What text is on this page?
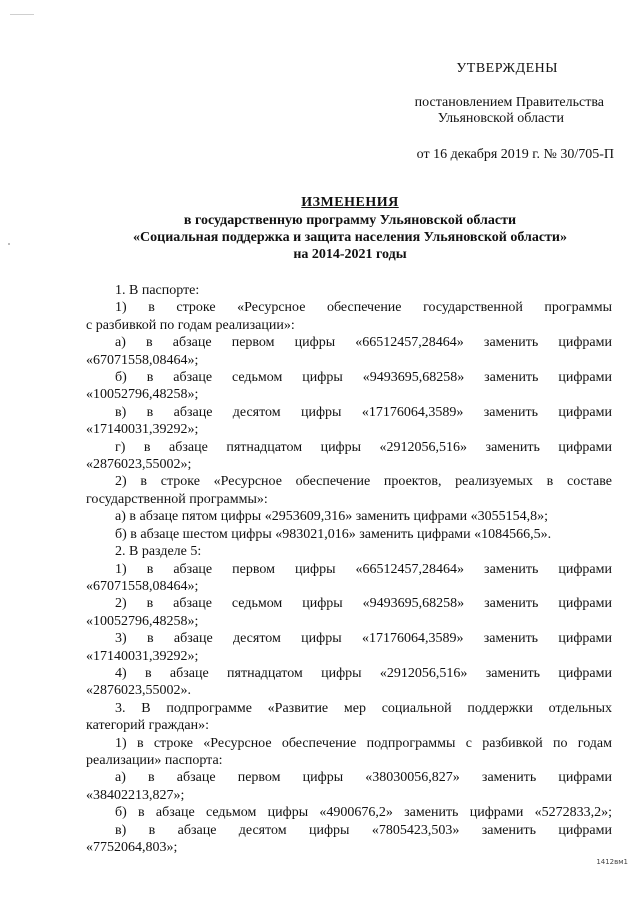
УТВЕРЖДЕНЫ
постановлением Правительства
Ульяновской области
от 16 декабря 2019 г. № 30/705-П
ИЗМЕНЕНИЯ
в государственную программу Ульяновской области
«Социальная поддержка и защита населения Ульяновской области»
на 2014-2021 годы

1. В паспорте:

1) в строке «Ресурсное обеспечение государственной программы

с разбивкой по годам реализации»:

а) в абзаце первом цифры «66512457,28464» заменить цифрами

«67071558,08464»;

б) в абзаце седьмом цифры «9493695,68258» заменить цифрами

«10052796,48258»;

в) в абзаце десятом цифры «17176064,3589» заменить цифрами

«17140031,39292»;

г) в абзаце пятнадцатом цифры «2912056,516» заменить цифрами

«2876023,55002»;

2) в строке «Ресурсное обеспечение проектов, реализуемых в составе

государственной программы»:

а) в абзаце пятом цифры «2953609,316» заменить цифрами «3055154,8»;

б) в абзаце шестом цифры «983021,016» заменить цифрами «1084566,5».

2. В разделе 5:

1) в абзаце первом цифры «66512457,28464» заменить цифрами

«67071558,08464»;

2) в абзаце седьмом цифры «9493695,68258» заменить цифрами

«10052796,48258»;

3) в абзаце десятом цифры «17176064,3589» заменить цифрами

«17140031,39292»;

4) в абзаце пятнадцатом цифры «2912056,516» заменить цифрами

«2876023,55002».

3. В подпрограмме «Развитие мер социальной поддержки отдельных

категорий граждан»:

1) в строке «Ресурсное обеспечение подпрограммы с разбивкой по годам

реализации» паспорта:

а) в абзаце первом цифры «38030056,827» заменить цифрами

«38402213,827»;

б) в абзаце седьмом цифры «4900676,2» заменить цифрами «5272833,2»;

в) в абзаце десятом цифры «7805423,503» заменить цифрами

«7752064,803»;

1412вм1
